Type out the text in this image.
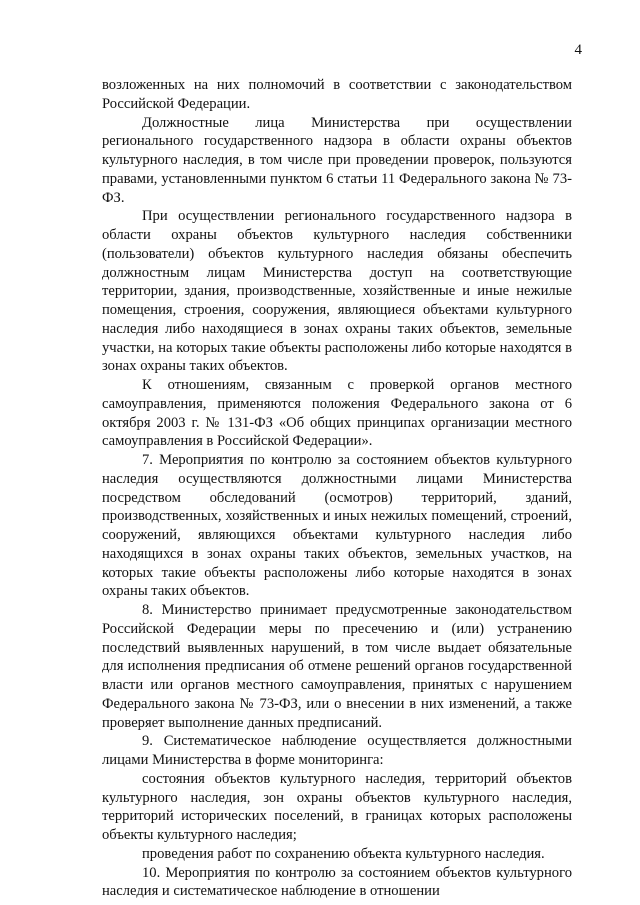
4

возложенных на них полномочий в соответствии с законодательством Российской Федерации.

Должностные лица Министерства при осуществлении регионального государственного надзора в области охраны объектов культурного наследия, в том числе при проведении проверок, пользуются правами, установленными пунктом 6 статьи 11 Федерального закона № 73-ФЗ.

При осуществлении регионального государственного надзора в области охраны объектов культурного наследия собственники (пользователи) объектов культурного наследия обязаны обеспечить должностным лицам Министерства доступ на соответствующие территории, здания, производственные, хозяйственные и иные нежилые помещения, строения, сооружения, являющиеся объектами культурного наследия либо находящиеся в зонах охраны таких объектов, земельные участки, на которых такие объекты расположены либо которые находятся в зонах охраны таких объектов.

К отношениям, связанным с проверкой органов местного самоуправления, применяются положения Федерального закона от 6 октября 2003 г. № 131-ФЗ «Об общих принципах организации местного самоуправления в Российской Федерации».

7. Мероприятия по контролю за состоянием объектов культурного наследия осуществляются должностными лицами Министерства посредством обследований (осмотров) территорий, зданий, производственных, хозяйственных и иных нежилых помещений, строений, сооружений, являющихся объектами культурного наследия либо находящихся в зонах охраны таких объектов, земельных участков, на которых такие объекты расположены либо которые находятся в зонах охраны таких объектов.

8. Министерство принимает предусмотренные законодательством Российской Федерации меры по пресечению и (или) устранению последствий выявленных нарушений, в том числе выдает обязательные для исполнения предписания об отмене решений органов государственной власти или органов местного самоуправления, принятых с нарушением Федерального закона № 73-ФЗ, или о внесении в них изменений, а также проверяет выполнение данных предписаний.

9. Систематическое наблюдение осуществляется должностными лицами Министерства в форме мониторинга:

состояния объектов культурного наследия, территорий объектов культурного наследия, зон охраны объектов культурного наследия, территорий исторических поселений, в границах которых расположены объекты культурного наследия;

проведения работ по сохранению объекта культурного наследия.

10. Мероприятия по контролю за состоянием объектов культурного наследия и систематическое наблюдение в отношении
